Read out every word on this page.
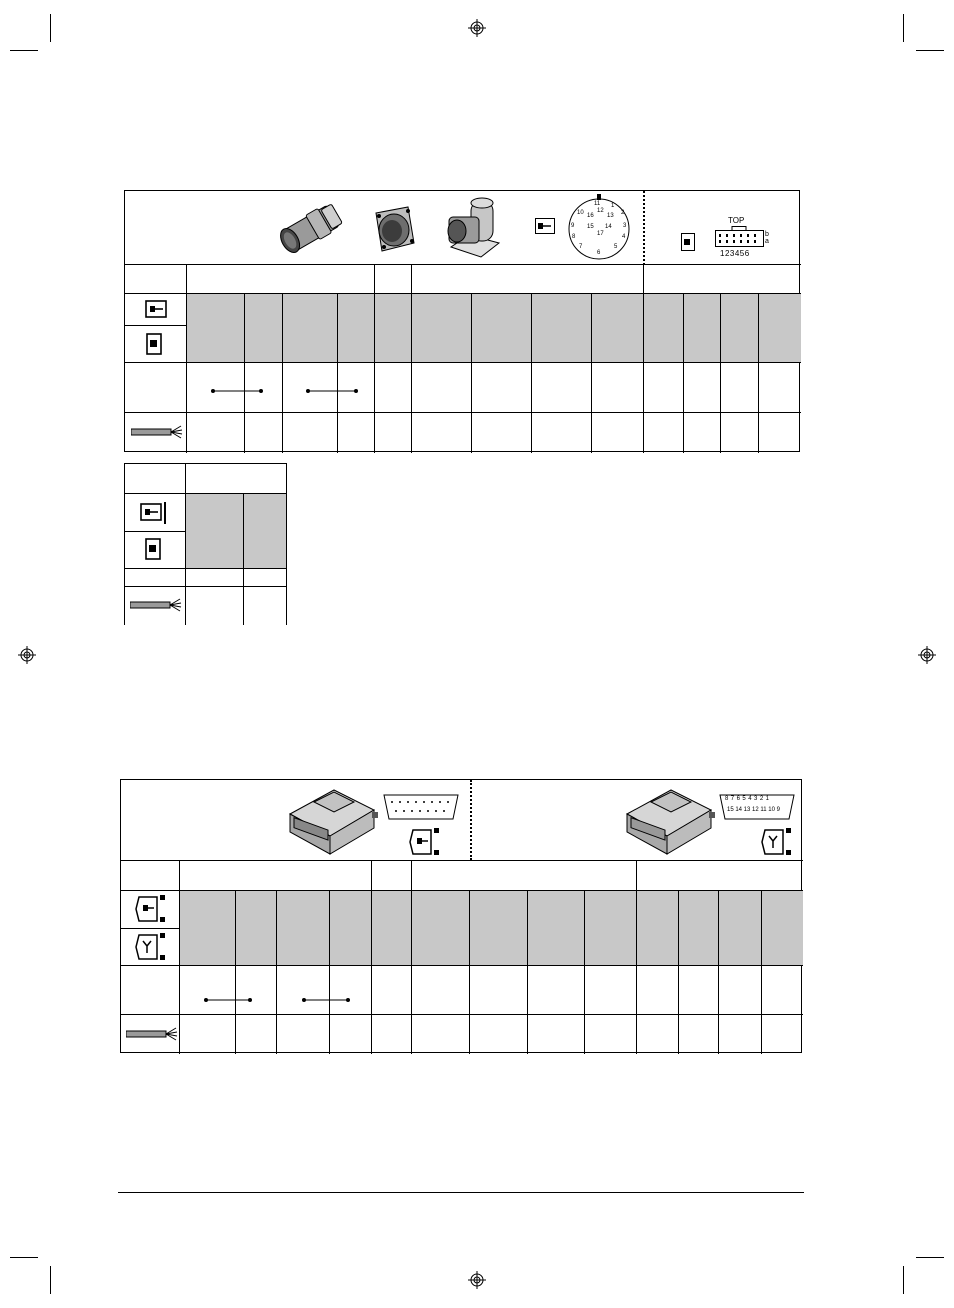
11 1
10 16
12
13 2
9 15 14 3
8	17	4
7	5
6
TOP
b
a
123456
8 7 6 5 4 3 2 1
15 14 13 12 11 10 9
